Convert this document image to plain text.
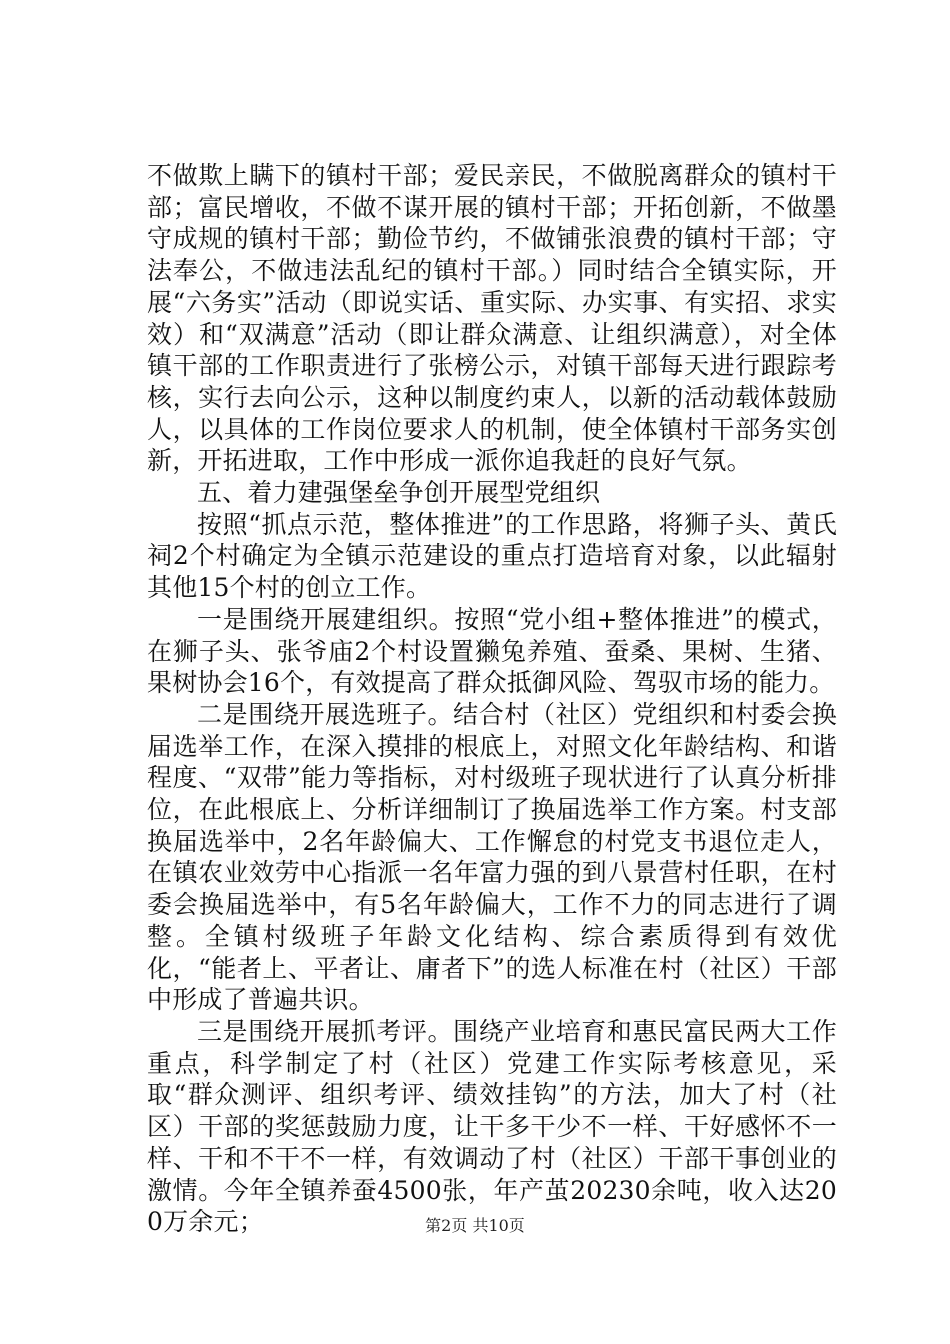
不做欺上瞒下的镇村干部；爱民亲民，不做脱离群众的镇村干部；富民增收，不做不谋开展的镇村干部；开拓创新，不做墨守成规的镇村干部；勤俭节约，不做铺张浪费的镇村干部；守法奉公，不做违法乱纪的镇村干部。）同时结合全镇实际，开展“六务实”活动（即说实话、重实际、办实事、有实招、求实效）和“双满意”活动（即让群众满意、让组织满意），对全体镇干部的工作职责进行了张榜公示，对镇干部每天进行跟踪考核，实行去向公示，这种以制度约束人，以新的活动载体鼓励人，以具体的工作岗位要求人的机制，使全体镇村干部务实创新，开拓进取，工作中形成一派你追我赶的良好气氛。

五、着力建强堡垒争创开展型党组织

按照“抓点示范，整体推进”的工作思路，将狮子头、黄氏祠2个村确定为全镇示范建设的重点打造培育对象，以此辐射其他15个村的创立工作。

一是围绕开展建组织。按照“党小组+整体推进”的模式，在狮子头、张爷庙2个村设置獭兔养殖、蚕桑、果树、生猪、果树协会16个，有效提高了群众抵御风险、驾驭市场的能力。

二是围绕开展选班子。结合村（社区）党组织和村委会换届选举工作，在深入摸排的根底上，对照文化年龄结构、和谐程度、“双带”能力等指标，对村级班子现状进行了认真分析排位，在此根底上、分析详细制订了换届选举工作方案。村支部换届选举中，2名年龄偏大、工作懈怠的村党支书退位走人，在镇农业效劳中心指派一名年富力强的到八景营村任职，在村委会换届选举中，有5名年龄偏大，工作不力的同志进行了调整。全镇村级班子年龄文化结构、综合素质得到有效优化，“能者上、平者让、庸者下”的选人标准在村（社区）干部中形成了普遍共识。

三是围绕开展抓考评。围绕产业培育和惠民富民两大工作重点，科学制定了村（社区）党建工作实际考核意见，采取“群众测评、组织考评、绩效挂钩”的方法，加大了村（社区）干部的奖惩鼓励力度，让干多干少不一样、干好感怀不一样、干和不干不一样，有效调动了村（社区）干部干事创业的激情。今年全镇养蚕4500张，年产茧20230余吨，收入达200万余元；	第2页 共10页
